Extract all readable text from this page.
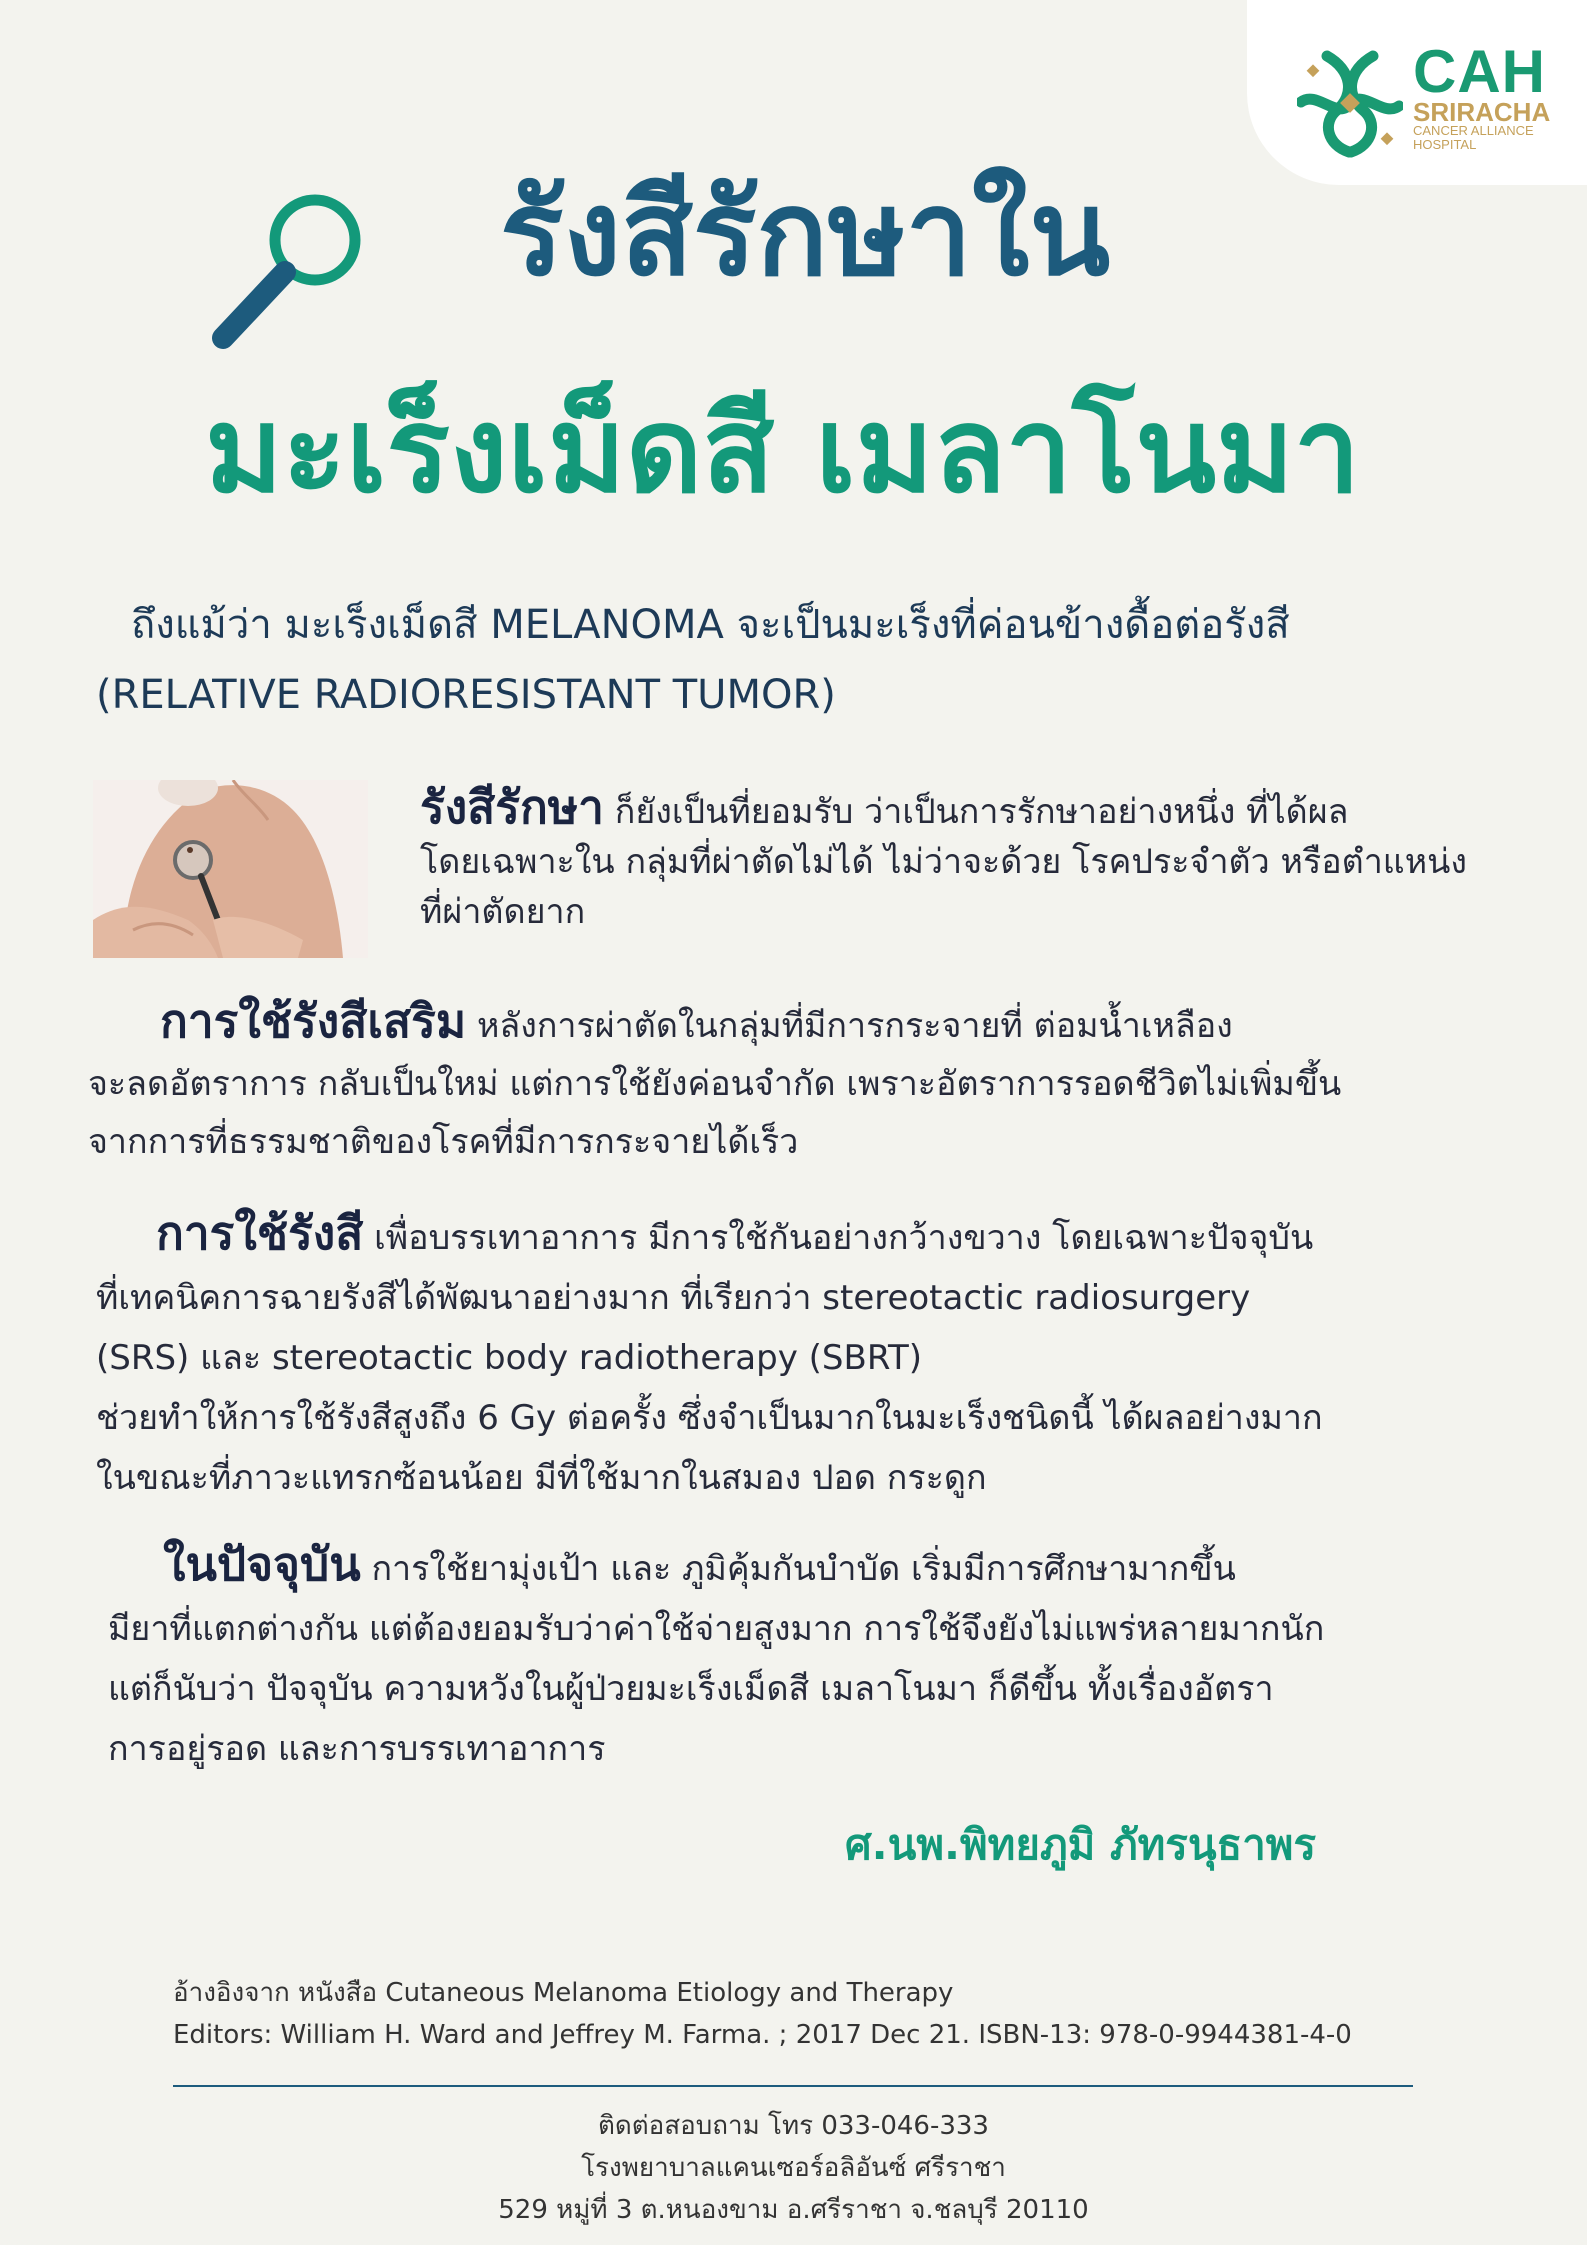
CAH
SRIRACHA
CANCER ALLIANCE
HOSPITAL
รังสีรักษาใน
มะเร็งเม็ดสี เมลาโนมา
ถึงแม้ว่า มะเร็งเม็ดสี MELANOMA จะเป็นมะเร็งที่ค่อนข้างดื้อต่อรังสี
(RELATIVE RADIORESISTANT TUMOR)
รังสีรักษา ก็ยังเป็นที่ยอมรับ ว่าเป็นการรักษาอย่างหนึ่ง ที่ได้ผล
โดยเฉพาะใน กลุ่มที่ผ่าตัดไม่ได้ ไม่ว่าจะด้วย โรคประจำตัว หรือตำแหน่ง
ที่ผ่าตัดยาก
การใช้รังสีเสริม หลังการผ่าตัดในกลุ่มที่มีการกระจายที่ ต่อมน้ำเหลือง
จะลดอัตราการ กลับเป็นใหม่ แต่การใช้ยังค่อนจำกัด เพราะอัตราการรอดชีวิตไม่เพิ่มขึ้น
จากการที่ธรรมชาติของโรคที่มีการกระจายได้เร็ว
การใช้รังสี เพื่อบรรเทาอาการ มีการใช้กันอย่างกว้างขวาง โดยเฉพาะปัจจุบัน
ที่เทคนิคการฉายรังสีได้พัฒนาอย่างมาก ที่เรียกว่า stereotactic radiosurgery
(SRS) และ stereotactic body radiotherapy (SBRT)
ช่วยทำให้การใช้รังสีสูงถึง 6 Gy ต่อครั้ง ซึ่งจำเป็นมากในมะเร็งชนิดนี้ ได้ผลอย่างมาก
ในขณะที่ภาวะแทรกซ้อนน้อย มีที่ใช้มากในสมอง ปอด กระดูก
ในปัจจุบัน การใช้ยามุ่งเป้า และ ภูมิคุ้มกันบำบัด เริ่มมีการศึกษามากขึ้น
มียาที่แตกต่างกัน แต่ต้องยอมรับว่าค่าใช้จ่ายสูงมาก การใช้จึงยังไม่แพร่หลายมากนัก
แต่ก็นับว่า ปัจจุบัน ความหวังในผู้ป่วยมะเร็งเม็ดสี เมลาโนมา ก็ดีขึ้น ทั้งเรื่องอัตรา
การอยู่รอด และการบรรเทาอาการ
ศ.นพ.พิทยภูมิ ภัทรนุธาพร
อ้างอิงจาก หนังสือ Cutaneous Melanoma Etiology and Therapy
Editors: William H. Ward and Jeffrey M. Farma. ; 2017 Dec 21. ISBN-13: 978-0-9944381-4-0
ติดต่อสอบถาม โทร 033-046-333
โรงพยาบาลแคนเซอร์อลิอันซ์ ศรีราชา
529 หมู่ที่ 3 ต.หนองขาม อ.ศรีราชา จ.ชลบุรี 20110
